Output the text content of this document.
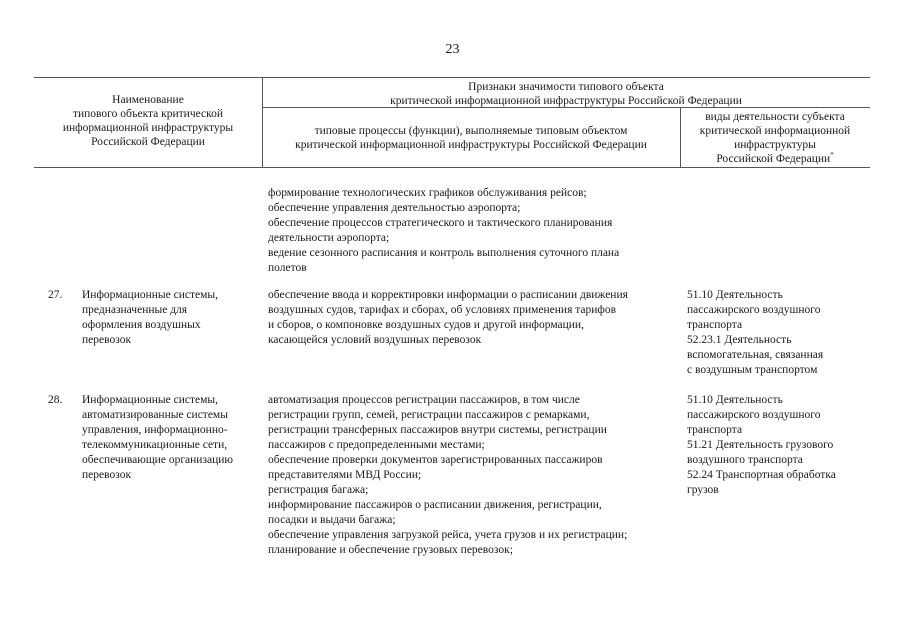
23
Наименование
типового объекта критической
информационной инфраструктуры
Российской Федерации
Признаки значимости типового объекта
критической информационной инфраструктуры Российской Федерации
типовые процессы (функции), выполняемые типовым объектом
критической информационной инфраструктуры Российской Федерации
виды деятельности субъекта
критической информационной
инфраструктуры
Российской Федерации*
формирование технологических графиков обслуживания рейсов;
обеспечение управления деятельностью аэропорта;
обеспечение процессов стратегического и тактического планирования
деятельности аэропорта;
ведение сезонного расписания и контроль выполнения суточного плана
полетов
27. Информационные системы,
предназначенные для
оформления воздушных
перевозок
обеспечение ввода и корректировки информации о расписании движения
воздушных судов, тарифах и сборах, об условиях применения тарифов
и сборов, о компоновке воздушных судов и другой информации,
касающейся условий воздушных перевозок
51.10 Деятельность
пассажирского воздушного
транспорта
52.23.1 Деятельность
вспомогательная, связанная
с воздушным транспортом
28. Информационные системы,
автоматизированные системы
управления, информационно-
телекоммуникационные сети,
обеспечивающие организацию
перевозок
автоматизация процессов регистрации пассажиров, в том числе
регистрации групп, семей, регистрации пассажиров с ремарками,
регистрации трансферных пассажиров внутри системы, регистрации
пассажиров с предопределенными местами;
обеспечение проверки документов зарегистрированных пассажиров
представителями МВД России;
регистрация багажа;
информирование пассажиров о расписании движения, регистрации,
посадки и выдачи багажа;
обеспечение управления загрузкой рейса, учета грузов и их регистрации;
планирование и обеспечение грузовых перевозок;
51.10 Деятельность
пассажирского воздушного
транспорта
51.21 Деятельность грузового
воздушного транспорта
52.24 Транспортная обработка
грузов
